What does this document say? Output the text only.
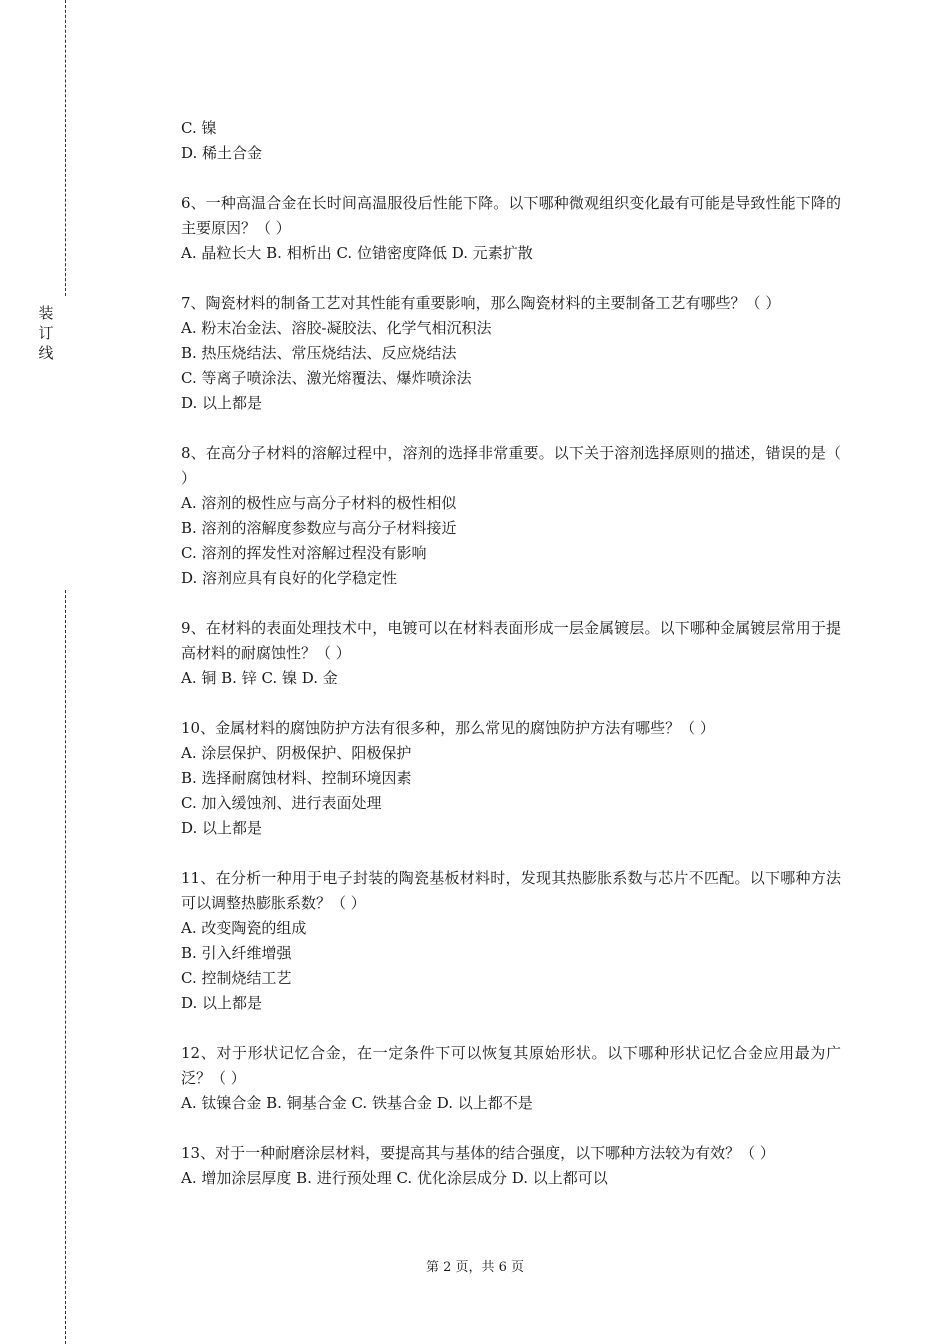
装
订
线
C. 镍
D. 稀土合金
6、一种高温合金在长时间高温服役后性能下降。以下哪种微观组织变化最有可能是导致性能下降的主要原因？（ ）
A. 晶粒长大 B. 相析出 C. 位错密度降低 D. 元素扩散
7、陶瓷材料的制备工艺对其性能有重要影响，那么陶瓷材料的主要制备工艺有哪些？（ ）
A. 粉末冶金法、溶胶-凝胶法、化学气相沉积法
B. 热压烧结法、常压烧结法、反应烧结法
C. 等离子喷涂法、激光熔覆法、爆炸喷涂法
D. 以上都是
8、在高分子材料的溶解过程中，溶剂的选择非常重要。以下关于溶剂选择原则的描述，错误的是（ ）
A. 溶剂的极性应与高分子材料的极性相似
B. 溶剂的溶解度参数应与高分子材料接近
C. 溶剂的挥发性对溶解过程没有影响
D. 溶剂应具有良好的化学稳定性
9、在材料的表面处理技术中，电镀可以在材料表面形成一层金属镀层。以下哪种金属镀层常用于提高材料的耐腐蚀性？（ ）
A. 铜 B. 锌 C. 镍 D. 金
10、金属材料的腐蚀防护方法有很多种，那么常见的腐蚀防护方法有哪些？（ ）
A. 涂层保护、阴极保护、阳极保护
B. 选择耐腐蚀材料、控制环境因素
C. 加入缓蚀剂、进行表面处理
D. 以上都是
11、在分析一种用于电子封装的陶瓷基板材料时，发现其热膨胀系数与芯片不匹配。以下哪种方法可以调整热膨胀系数？（ ）
A. 改变陶瓷的组成
B. 引入纤维增强
C. 控制烧结工艺
D. 以上都是
12、对于形状记忆合金，在一定条件下可以恢复其原始形状。以下哪种形状记忆合金应用最为广泛？（ ）
A. 钛镍合金 B. 铜基合金 C. 铁基合金 D. 以上都不是
13、对于一种耐磨涂层材料，要提高其与基体的结合强度，以下哪种方法较为有效？（ ）
A. 增加涂层厚度 B. 进行预处理 C. 优化涂层成分 D. 以上都可以
第 2 页，共 6 页
